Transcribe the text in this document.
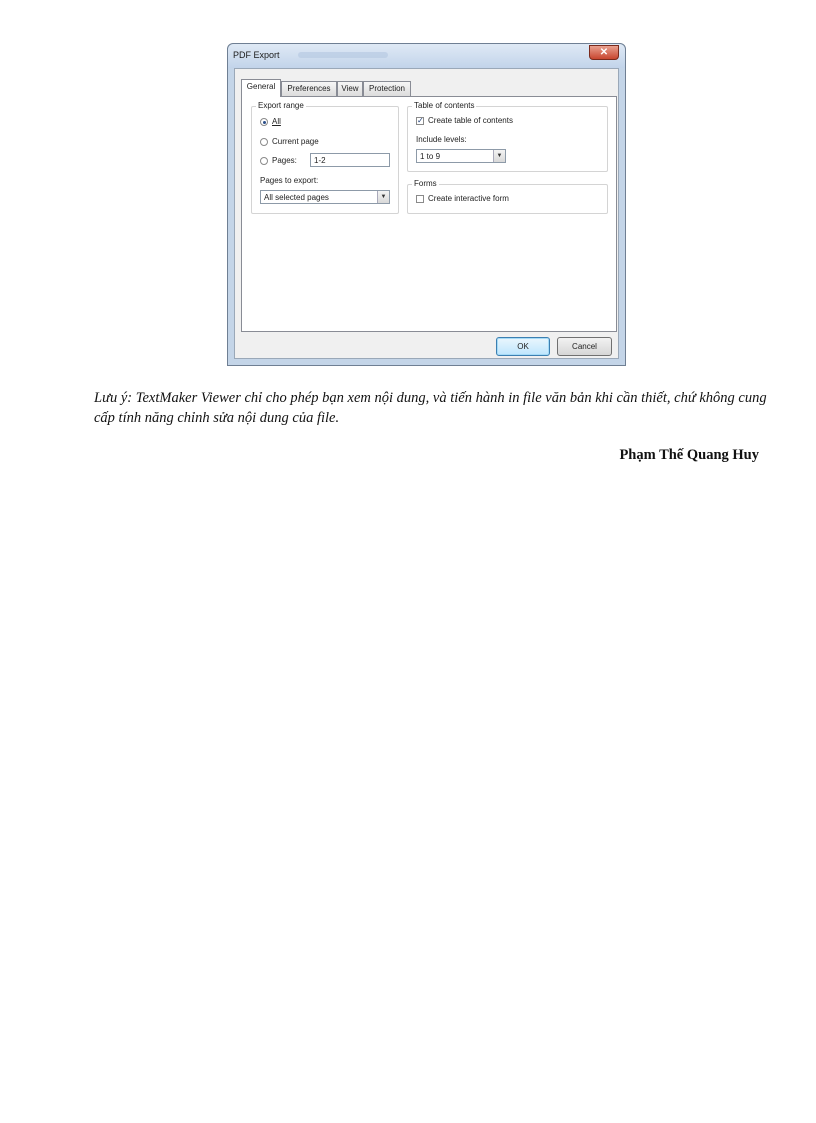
PDF Export	✕
General	Preferences	View	Protection
Export range
All
Current page
Pages:	1-2
Pages to export:
All selected pages	▼
Table of contents
✓ Create table of contents
Include levels:
1 to 9	▼
Forms
Create interactive form
OK	Cancel
Lưu ý: TextMaker Viewer chỉ cho phép bạn xem nội dung, và tiến hành in file văn bản khi cần thiết, chứ không cung cấp tính năng chỉnh sửa nội dung của file.
Phạm Thế Quang Huy
